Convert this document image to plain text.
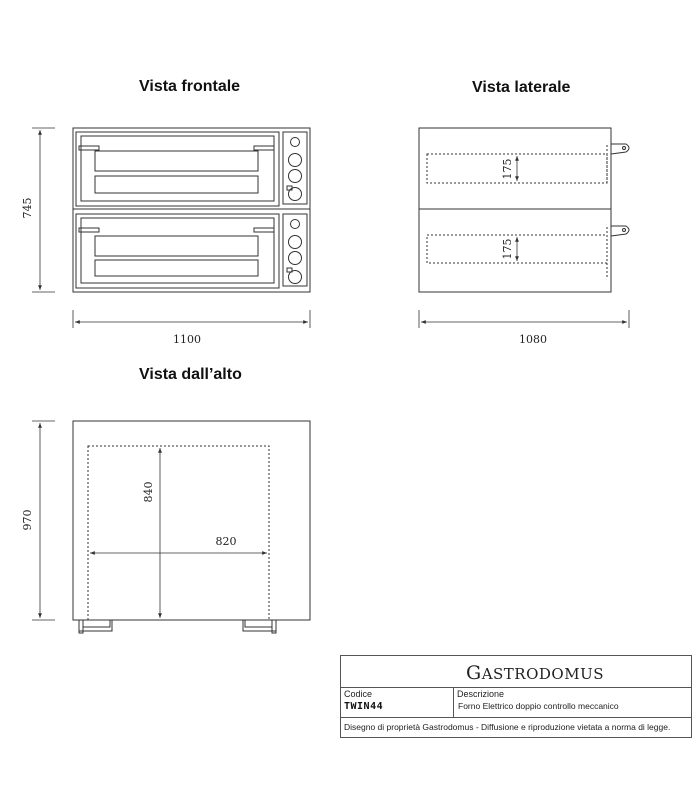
Vista frontale	Vista laterale
Vista dall’alto
745
1100
175
175
1080
970
840
820
GASTRODOMUS
Codice
TWIN44
Descrizione
Forno Elettrico doppio controllo meccanico
Disegno di proprietà Gastrodomus - Diffusione e riproduzione vietata a norma di legge.
